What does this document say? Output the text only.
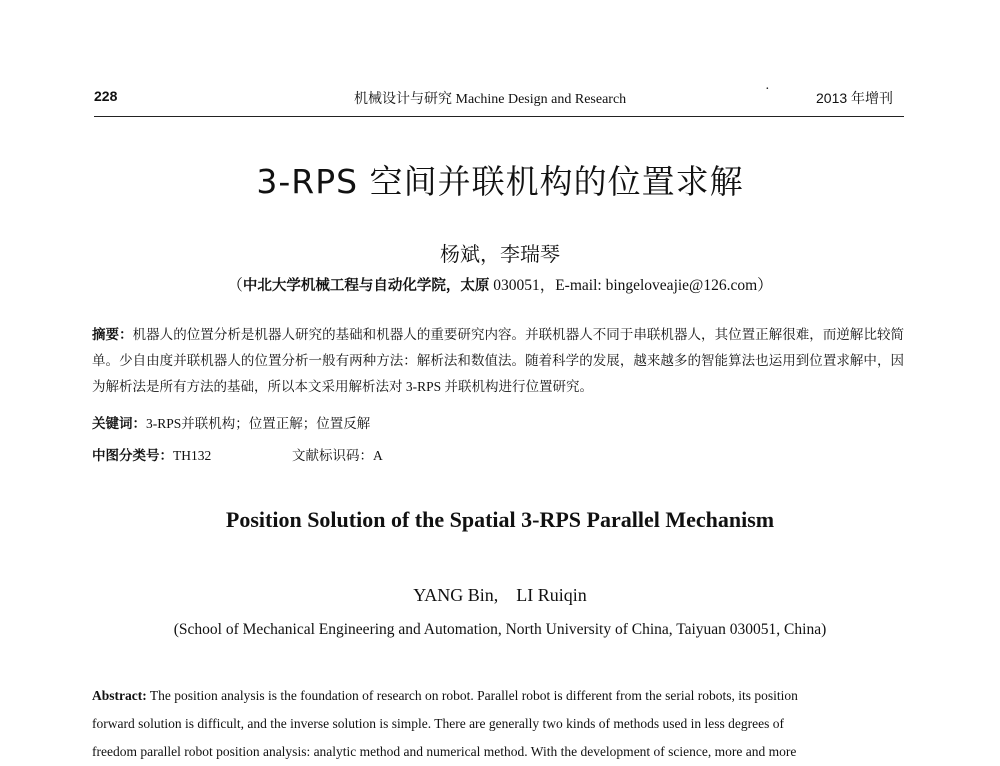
228	机械设计与研究 Machine Design and Research
·
2013 年增刊
3-RPS 空间并联机构的位置求解
杨斌，李瑞琴
（中北大学机械工程与自动化学院，太原 030051，E-mail: bingeloveajie@126.com）
摘要：机器人的位置分析是机器人研究的基础和机器人的重要研究内容。并联机器人不同于串联机器人，其位置正解很难，而逆解比较简单。少自由度并联机器人的位置分析一般有两种方法：解析法和数值法。随着科学的发展，越来越多的智能算法也运用到位置求解中，因为解析法是所有方法的基础，所以本文采用解析法对 3-RPS 并联机构进行位置研究。
关键词：3-RPS并联机构；位置正解；位置反解
中图分类号：TH132	文献标识码：A
Position Solution of the Spatial 3-RPS Parallel Mechanism
YANG Bin,    LI Ruiqin
(School of Mechanical Engineering and Automation, North University of China, Taiyuan 030051, China)
Abstract: The position analysis is the foundation of research on robot. Parallel robot is different from the serial robots, its position
forward solution is difficult, and the inverse solution is simple. There are generally two kinds of methods used in less degrees of
freedom parallel robot position analysis: analytic method and numerical method. With the development of science, more and more
